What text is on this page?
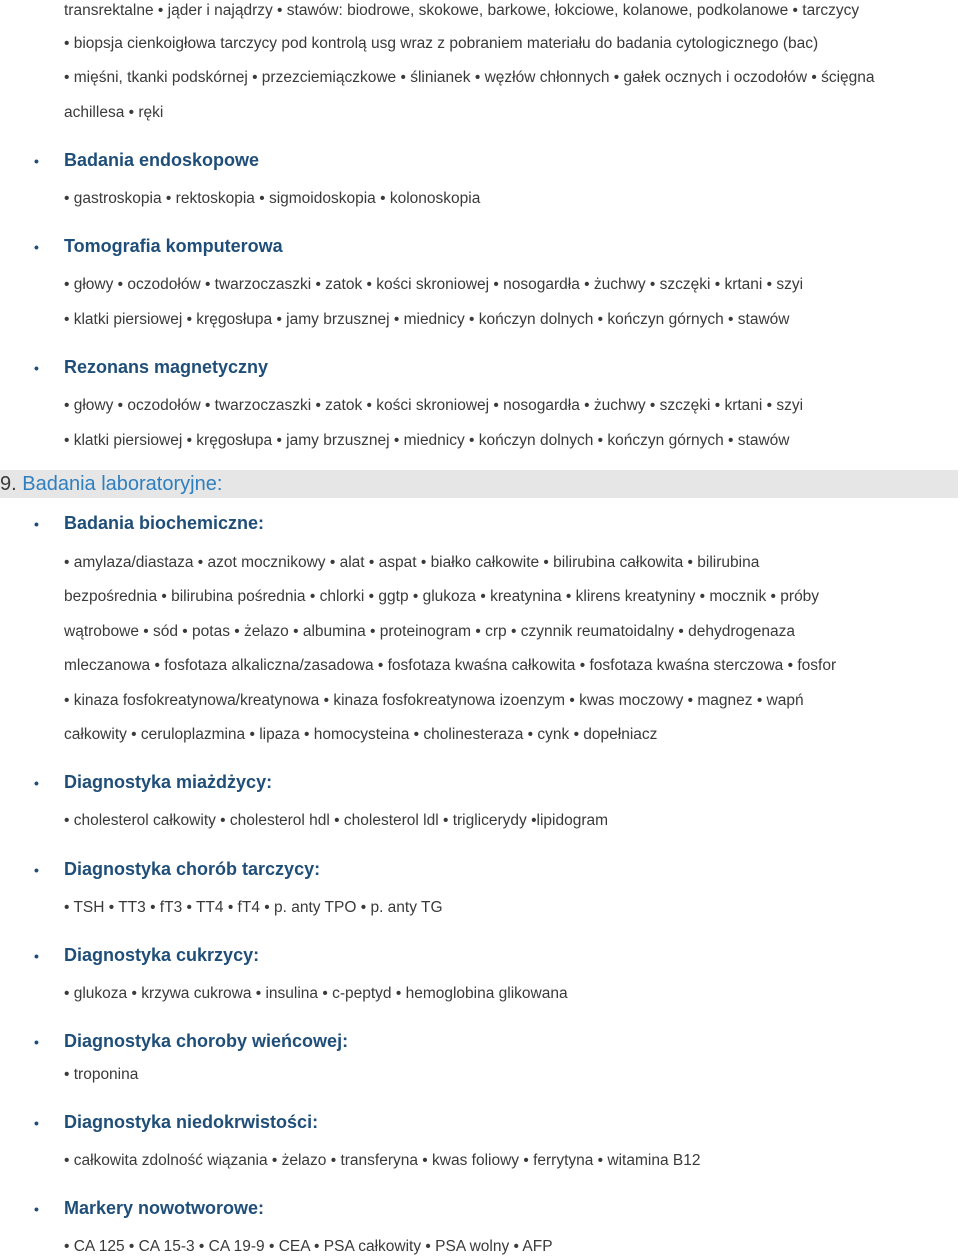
transrektalne • jąder i najądrzy • stawów: biodrowe, skokowe, barkowe, łokciowe, kolanowe, podkolanowe • tarczycy
• biopsja cienkoigłowa tarczycy pod kontrolą usg wraz z pobraniem materiału do badania cytologicznego (bac)
• mięśni, tkanki podskórnej • przezciemiączkowe • ślinianek • węzłów chłonnych • gałek ocznych i oczodołów • ścięgna
achillesa • ręki
• Badania endoskopowe
• gastroskopia • rektoskopia • sigmoidoskopia • kolonoskopia
• Tomografia komputerowa
• głowy • oczodołów • twarzoczaszki • zatok • kości skroniowej • nosogardła • żuchwy • szczęki • krtani • szyi
• klatki piersiowej • kręgosłupa • jamy brzusznej • miednicy • kończyn dolnych • kończyn górnych • stawów
• Rezonans magnetyczny
• głowy • oczodołów • twarzoczaszki • zatok • kości skroniowej • nosogardła • żuchwy • szczęki • krtani • szyi
• klatki piersiowej • kręgosłupa • jamy brzusznej • miednicy • kończyn dolnych • kończyn górnych • stawów
9. Badania laboratoryjne:
• Badania biochemiczne:
• amylaza/diastaza • azot mocznikowy • alat • aspat • białko całkowite • bilirubina całkowita • bilirubina
bezpośrednia • bilirubina pośrednia • chlorki • ggtp • glukoza • kreatynina • klirens kreatyniny • mocznik • próby
wątrobowe • sód • potas • żelazo • albumina • proteinogram • crp • czynnik reumatoidalny • dehydrogenaza
mleczanowa • fosfotaza alkaliczna/zasadowa • fosfotaza kwaśna całkowita • fosfotaza kwaśna sterczowa • fosfor
• kinaza fosfokreatynowa/kreatynowa • kinaza fosfokreatynowa izoenzym • kwas moczowy • magnez • wapń
całkowity • ceruloplazmina • lipaza • homocysteina • cholinesteraza • cynk • dopełniacz
• Diagnostyka miażdżycy:
• cholesterol całkowity • cholesterol hdl • cholesterol ldl • triglicerydy •lipidogram
• Diagnostyka chorób tarczycy:
• TSH • TT3 • fT3 • TT4 • fT4 • p. anty TPO • p. anty TG
• Diagnostyka cukrzycy:
• glukoza • krzywa cukrowa • insulina • c-peptyd • hemoglobina glikowana
• Diagnostyka choroby wieńcowej:
• troponina
• Diagnostyka niedokrwistości:
• całkowita zdolność wiązania • żelazo • transferyna • kwas foliowy • ferrytyna • witamina B12
• Markery nowotworowe:
• CA 125 • CA 15-3 • CA 19-9 • CEA • PSA całkowity • PSA wolny • AFP
